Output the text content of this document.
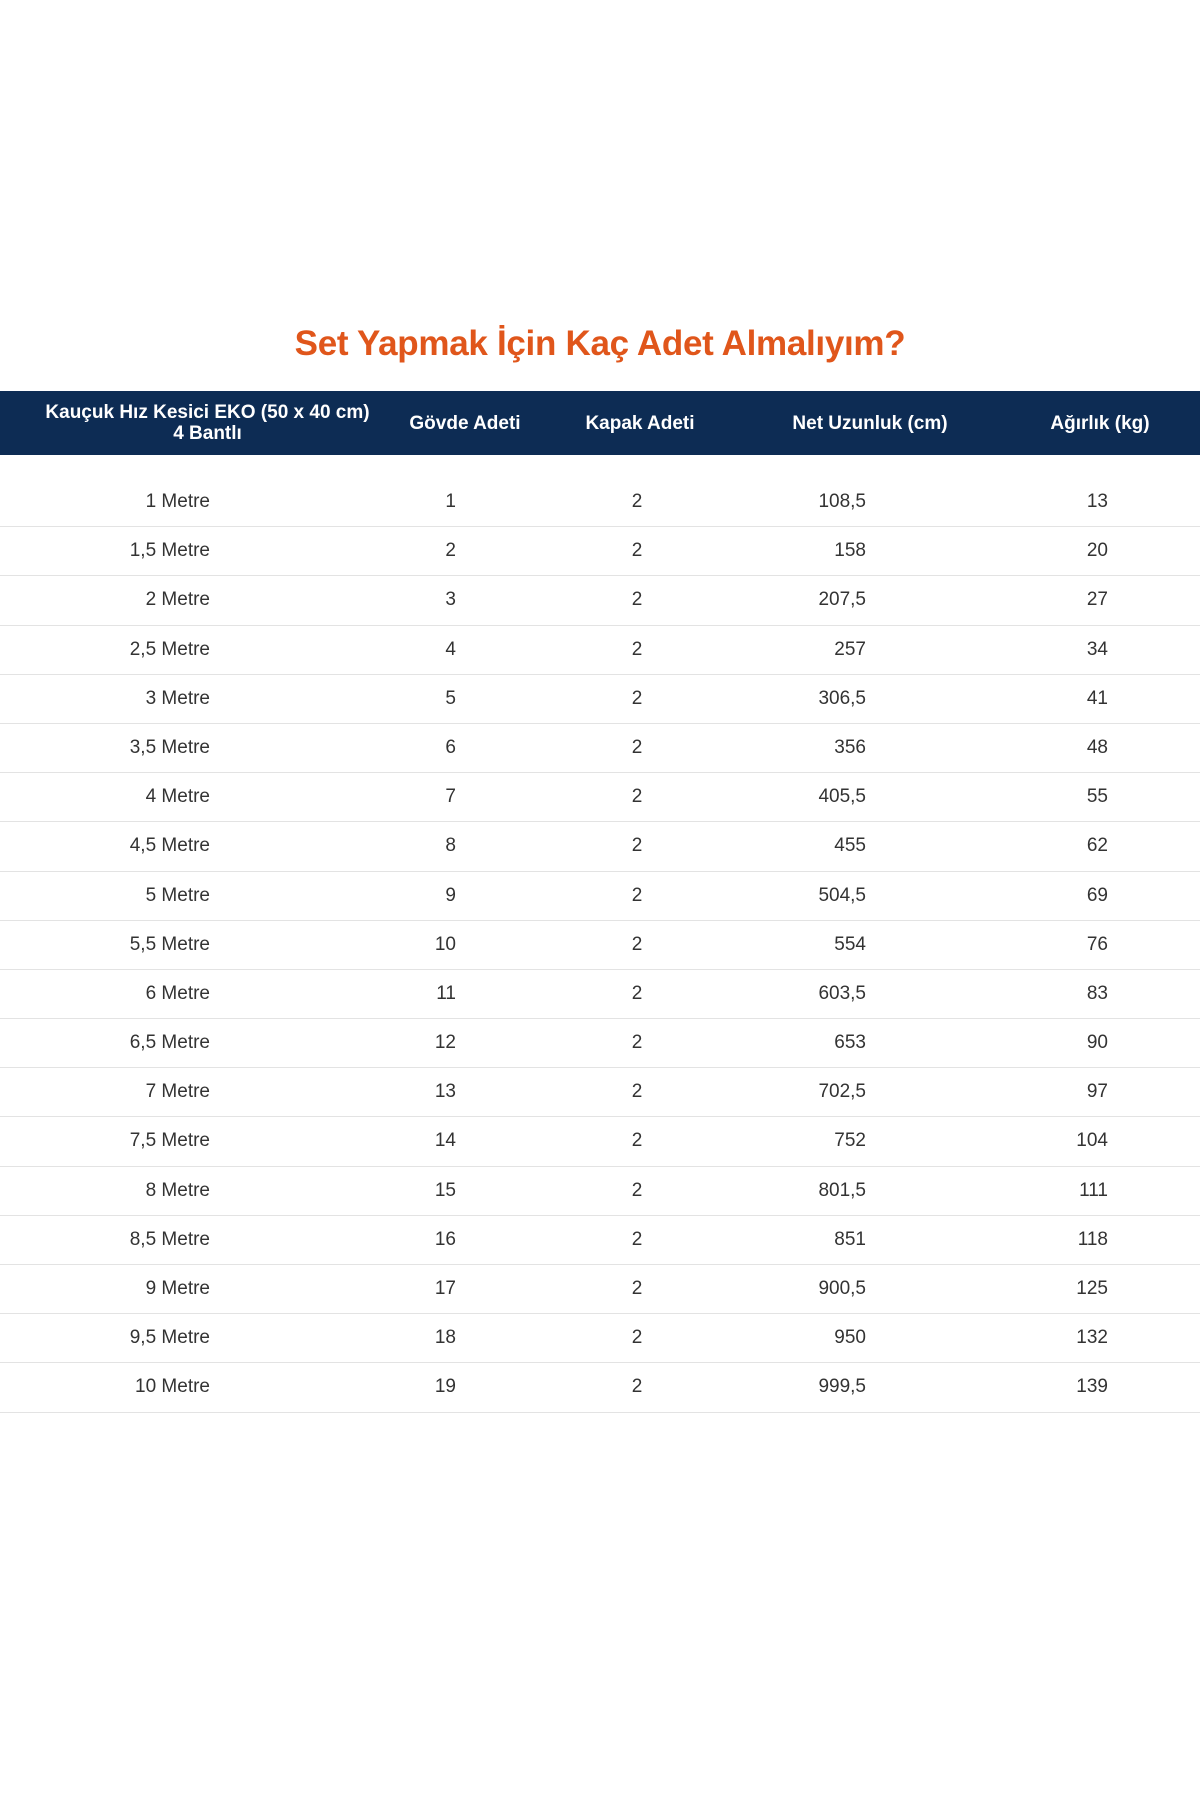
Set Yapmak İçin Kaç Adet Almalıyım?
Kauçuk Hız Kesici EKO (50 x 40 cm)
4 Bantlı	Gövde Adeti	Kapak Adeti	Net Uzunluk (cm)	Ağırlık (kg)
1 Metre	1	2	108,5	13
1,5 Metre	2	2	158	20
2 Metre	3	2	207,5	27
2,5 Metre	4	2	257	34
3 Metre	5	2	306,5	41
3,5 Metre	6	2	356	48
4 Metre	7	2	405,5	55
4,5 Metre	8	2	455	62
5 Metre	9	2	504,5	69
5,5 Metre	10	2	554	76
6 Metre	11	2	603,5	83
6,5 Metre	12	2	653	90
7 Metre	13	2	702,5	97
7,5 Metre	14	2	752	104
8 Metre	15	2	801,5	111
8,5 Metre	16	2	851	118
9 Metre	17	2	900,5	125
9,5 Metre	18	2	950	132
10 Metre	19	2	999,5	139
